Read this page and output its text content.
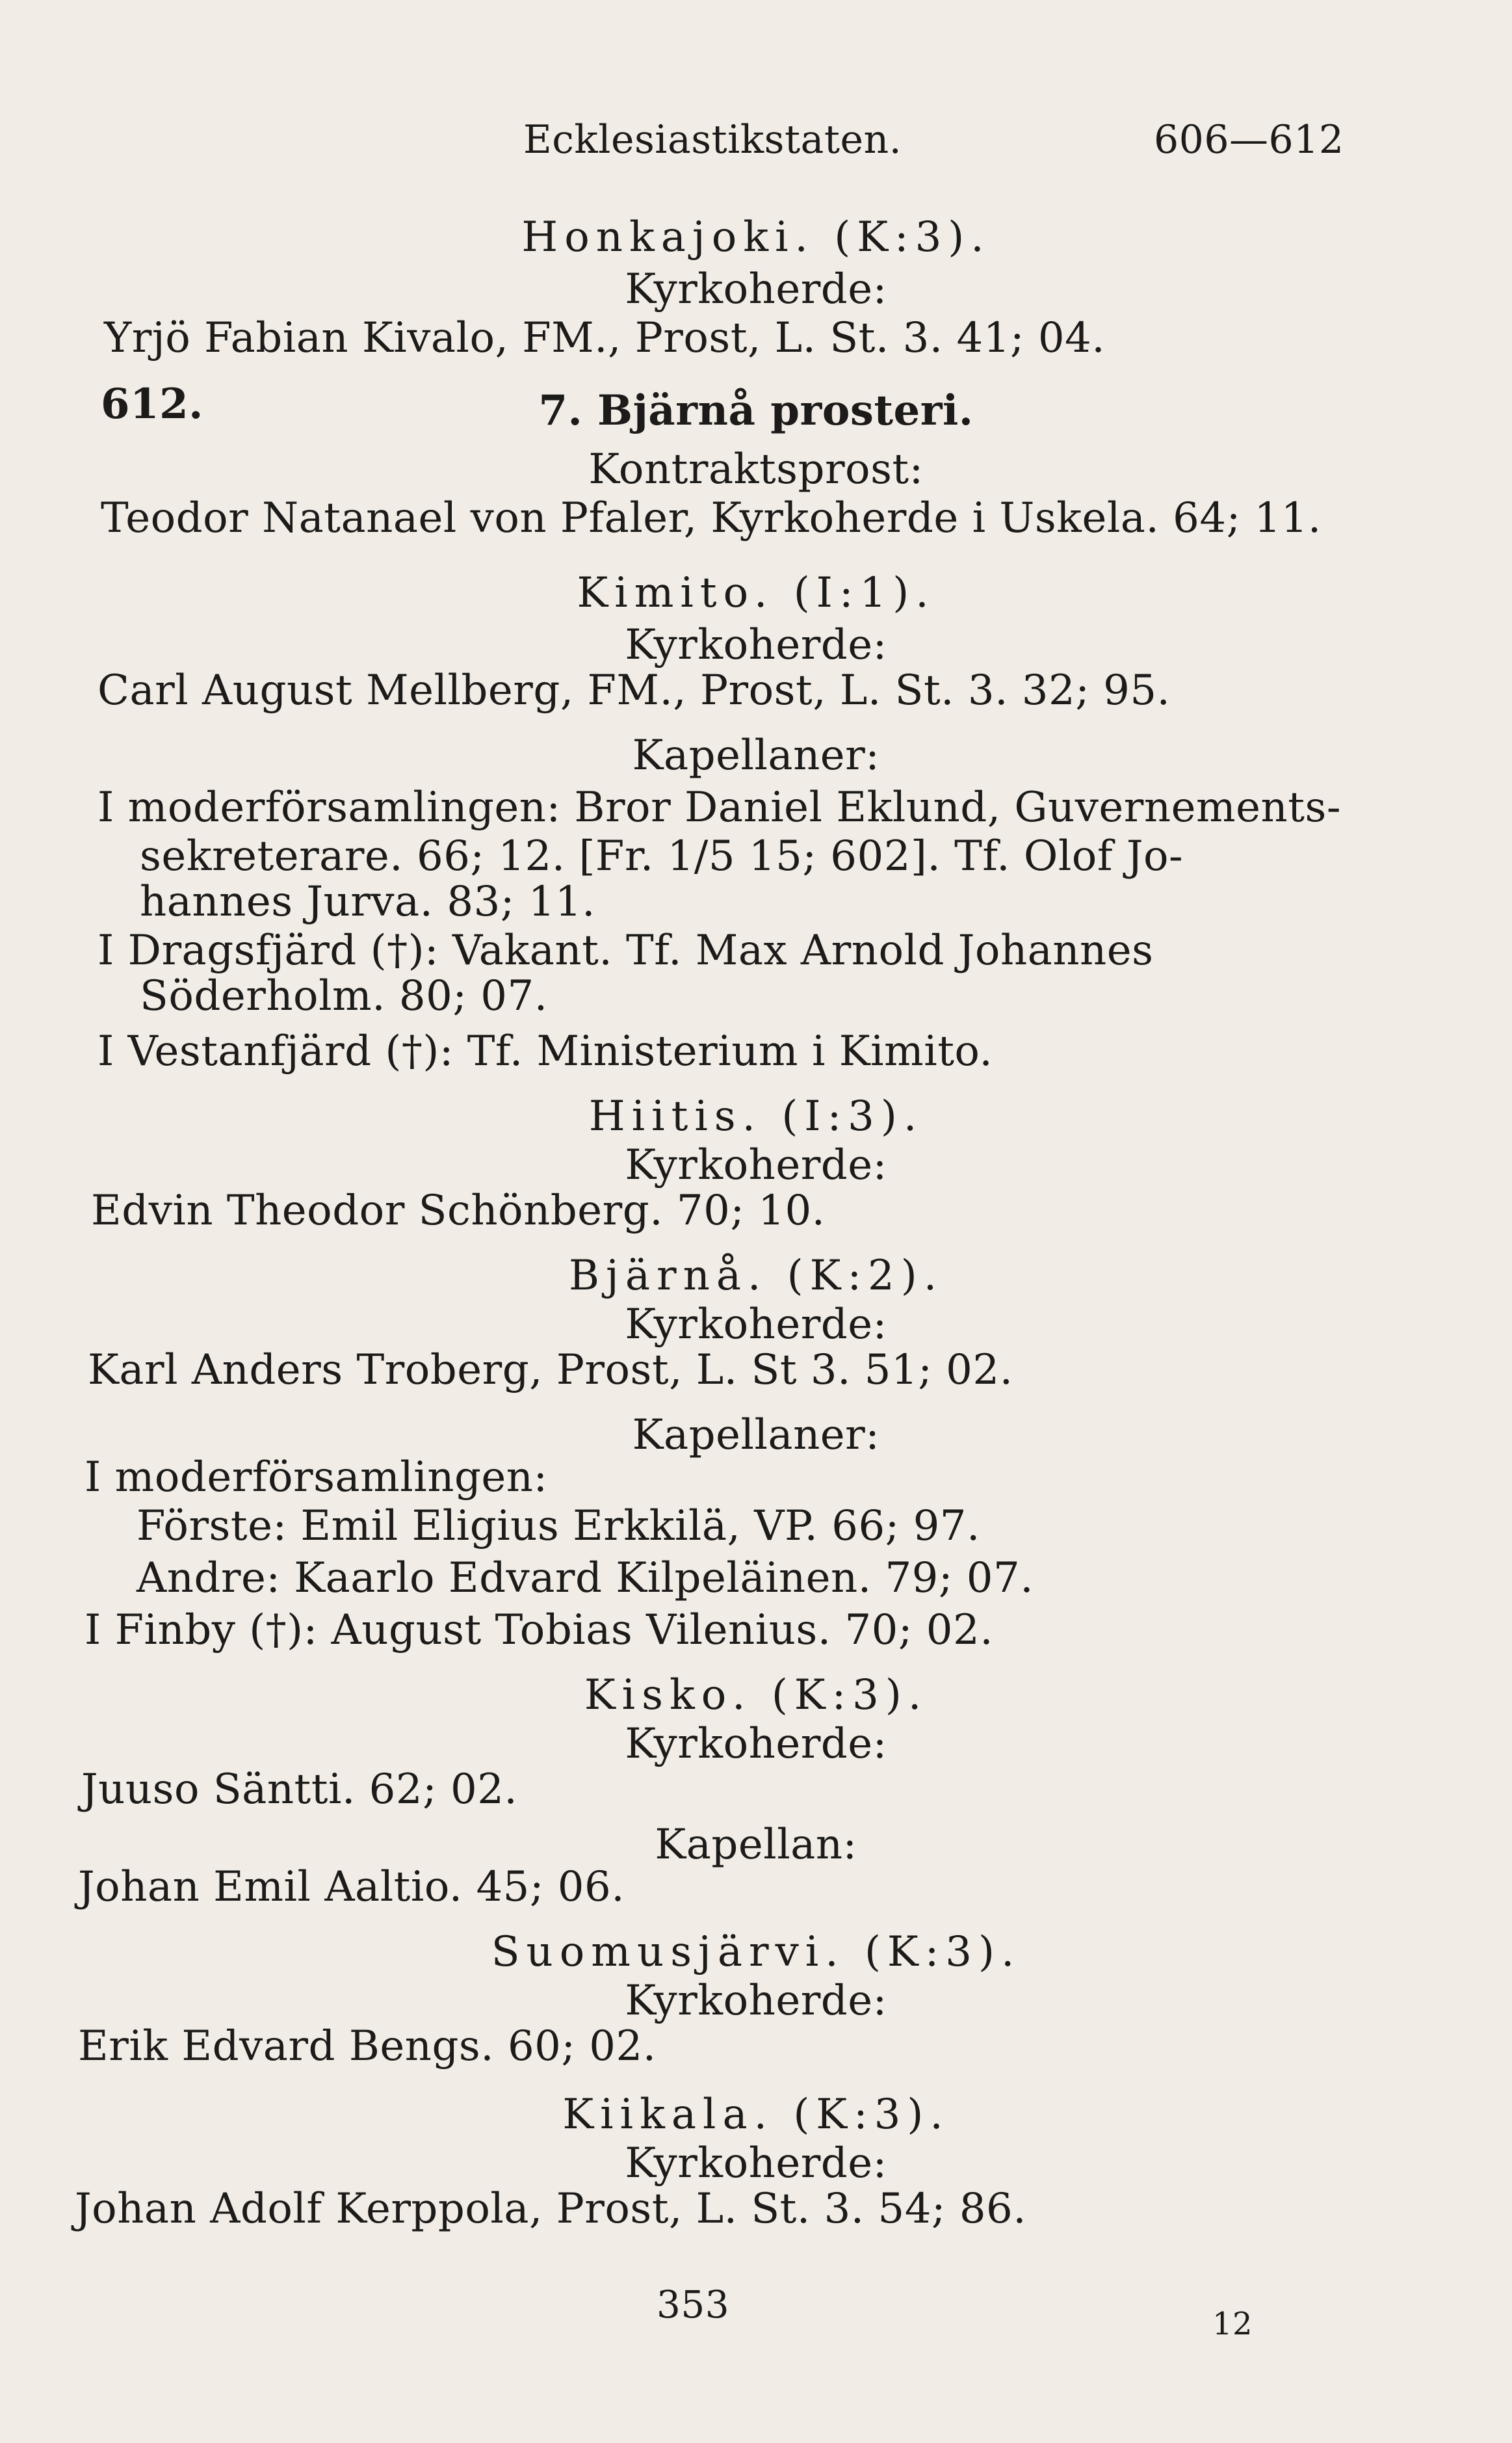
Ecklesiastikstaten.	606—612
Honkajoki. (K:3).
Kyrkoherde:
Yrjö Fabian Kivalo, FM., Prost, L. St. 3. 41; 04.
612.	7. Bjärnå prosteri.
Kontraktsprost:
Teodor Natanael von Pfaler, Kyrkoherde i Uskela. 64; 11.
Kimito. (I:1).
Kyrkoherde:
Carl August Mellberg, FM., Prost, L. St. 3. 32; 95.
Kapellaner:
I moderförsamlingen: Bror Daniel Eklund, Guvernements-
sekreterare. 66; 12. [Fr. 1/5 15; 602]. Tf. Olof Jo-
hannes Jurva. 83; 11.
I Dragsfjärd (†): Vakant. Tf. Max Arnold Johannes
Söderholm. 80; 07.
I Vestanfjärd (†): Tf. Ministerium i Kimito.
Hiitis. (I:3).
Kyrkoherde:
Edvin Theodor Schönberg. 70; 10.
Bjärnå. (K:2).
Kyrkoherde:
Karl Anders Troberg, Prost, L. St 3. 51; 02.
Kapellaner:
I moderförsamlingen:
Förste: Emil Eligius Erkkilä, VP. 66; 97.
Andre: Kaarlo Edvard Kilpeläinen. 79; 07.
I Finby (†): August Tobias Vilenius. 70; 02.
Kisko. (K:3).
Kyrkoherde:
Juuso Säntti. 62; 02.
Kapellan:
Johan Emil Aaltio. 45; 06.
Suomusjärvi. (K:3).
Kyrkoherde:
Erik Edvard Bengs. 60; 02.
Kiikala. (K:3).
Kyrkoherde:
Johan Adolf Kerppola, Prost, L. St. 3. 54; 86.
353	12
